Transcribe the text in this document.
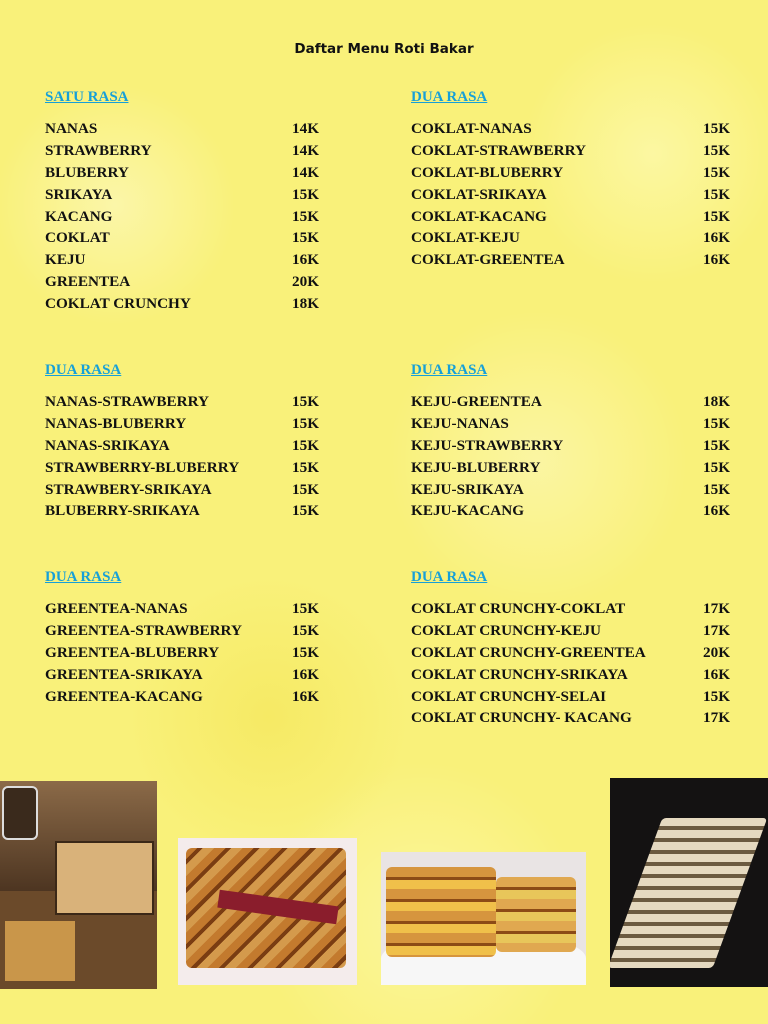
Daftar Menu Roti Bakar
SATU RASA
NANAS	14K
STRAWBERRY	14K
BLUBERRY	14K
SRIKAYA	15K
KACANG	15K
COKLAT	15K
KEJU	16K
GREENTEA	20K
COKLAT CRUNCHY	18K
DUA RASA
COKLAT-NANAS	15K
COKLAT-STRAWBERRY	15K
COKLAT-BLUBERRY	15K
COKLAT-SRIKAYA	15K
COKLAT-KACANG	15K
COKLAT-KEJU	16K
COKLAT-GREENTEA	16K
DUA RASA
NANAS-STRAWBERRY	15K
NANAS-BLUBERRY	15K
NANAS-SRIKAYA	15K
STRAWBERRY-BLUBERRY	15K
STRAWBERY-SRIKAYA	15K
BLUBERRY-SRIKAYA	15K
DUA RASA
KEJU-GREENTEA	18K
KEJU-NANAS	15K
KEJU-STRAWBERRY	15K
KEJU-BLUBERRY	15K
KEJU-SRIKAYA	15K
KEJU-KACANG	16K
DUA RASA
GREENTEA-NANAS	15K
GREENTEA-STRAWBERRY	15K
GREENTEA-BLUBERRY	15K
GREENTEA-SRIKAYA	16K
GREENTEA-KACANG	16K
DUA RASA
COKLAT CRUNCHY-COKLAT	17K
COKLAT CRUNCHY-KEJU	17K
COKLAT CRUNCHY-GREENTEA	20K
COKLAT CRUNCHY-SRIKAYA	16K
COKLAT CRUNCHY-SELAI	15K
COKLAT CRUNCHY- KACANG	17K
